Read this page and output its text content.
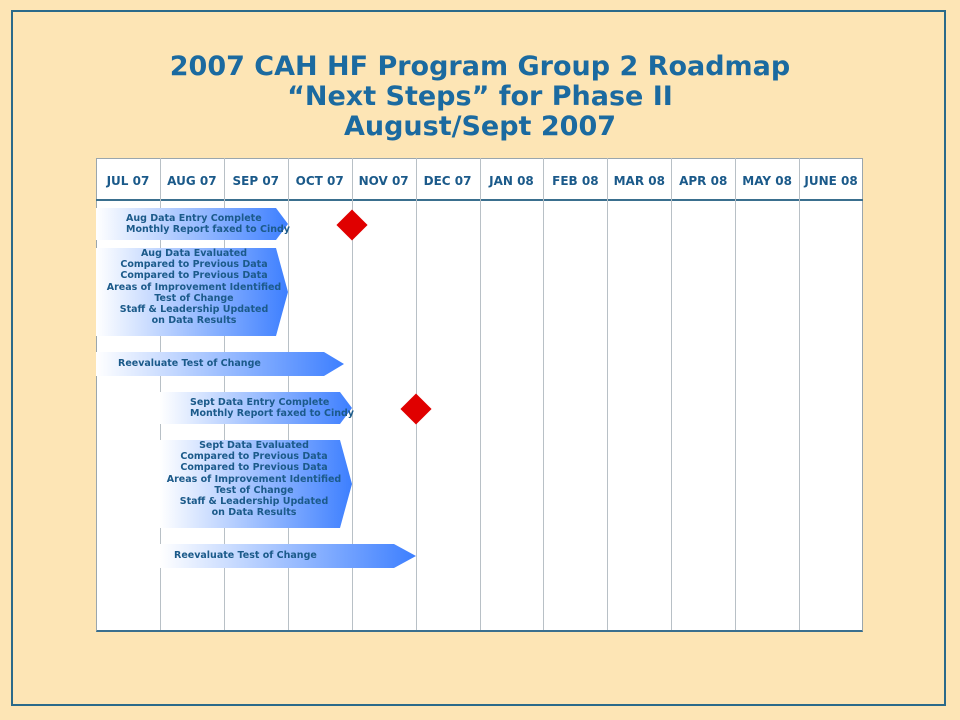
2007 CAH HF Program Group 2 Roadmap
“Next Steps” for Phase II
August/Sept 2007
JUL 07	AUG 07	SEP 07	OCT 07	NOV 07	DEC 07	JAN 08	FEB 08	MAR 08	APR 08	MAY 08	JUNE 08
Aug Data Entry Complete
Monthly Report faxed to Cindy
Aug Data Evaluated
Compared to Previous Data
Compared to Previous Data
Areas of Improvement Identified
Test of Change
Staff & Leadership Updated
on Data Results
Reevaluate Test of Change
Sept Data Entry Complete
Monthly Report faxed to Cindy
Sept Data Evaluated
Compared to Previous Data
Compared to Previous Data
Areas of Improvement Identified
Test of Change
Staff & Leadership Updated
on Data Results
Reevaluate Test of Change
